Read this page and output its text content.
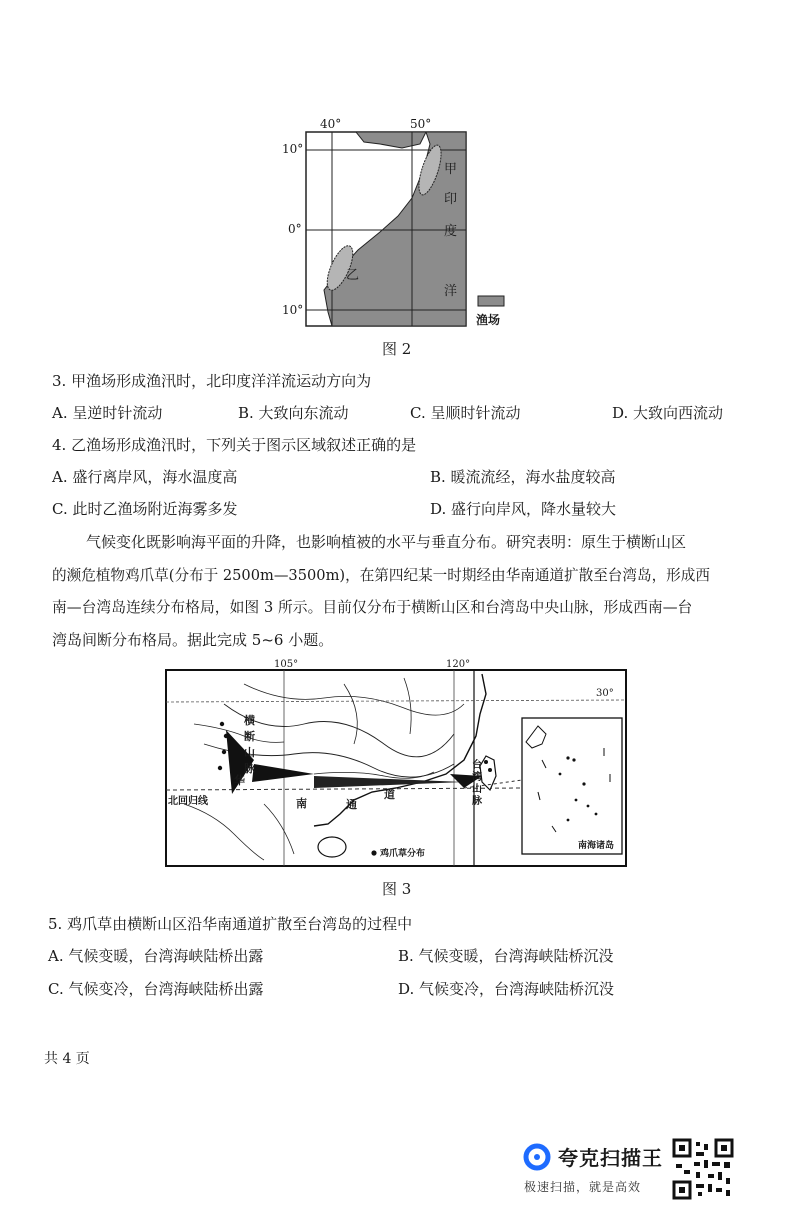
40°	50°
10°
0°
10°
乙
甲
印
度
洋
渔场
图 2
3. 甲渔场形成渔汛时，北印度洋洋流运动方向为
A. 呈逆时针流动	B. 大致向东流动	C. 呈顺时针流动	D. 大致向西流动
4. 乙渔场形成渔汛时，下列关于图示区域叙述正确的是
A. 盛行离岸风，海水温度高	B. 暖流流经，海水盐度较高
C. 此时乙渔场附近海雾多发	D. 盛行向岸风，降水量较大
气候变化既影响海平面的升降，也影响植被的水平与垂直分布。研究表明：原生于横断山区
的濒危植物鸡爪草(分布于 2500m—3500m)，在第四纪某一时期经由华南通道扩散至台湾岛，形成西
南—台湾岛连续分布格局，如图 3 所示。目前仅分布于横断山区和台湾岛中央山脉，形成西南—台
湾岛间断分布格局。据此完成 5~6 小题。
105°	120°
30°
北回归线
横
断
山
脉	台
湾
山
脉
华
南	通
道
鸡爪草分布
南海诸岛
图 3
5. 鸡爪草由横断山区沿华南通道扩散至台湾岛的过程中
A. 气候变暖，台湾海峡陆桥出露	B. 气候变暖，台湾海峡陆桥沉没
C. 气候变冷，台湾海峡陆桥出露	D. 气候变冷，台湾海峡陆桥沉没
共 4 页
夸克扫描王
极速扫描，就是高效
